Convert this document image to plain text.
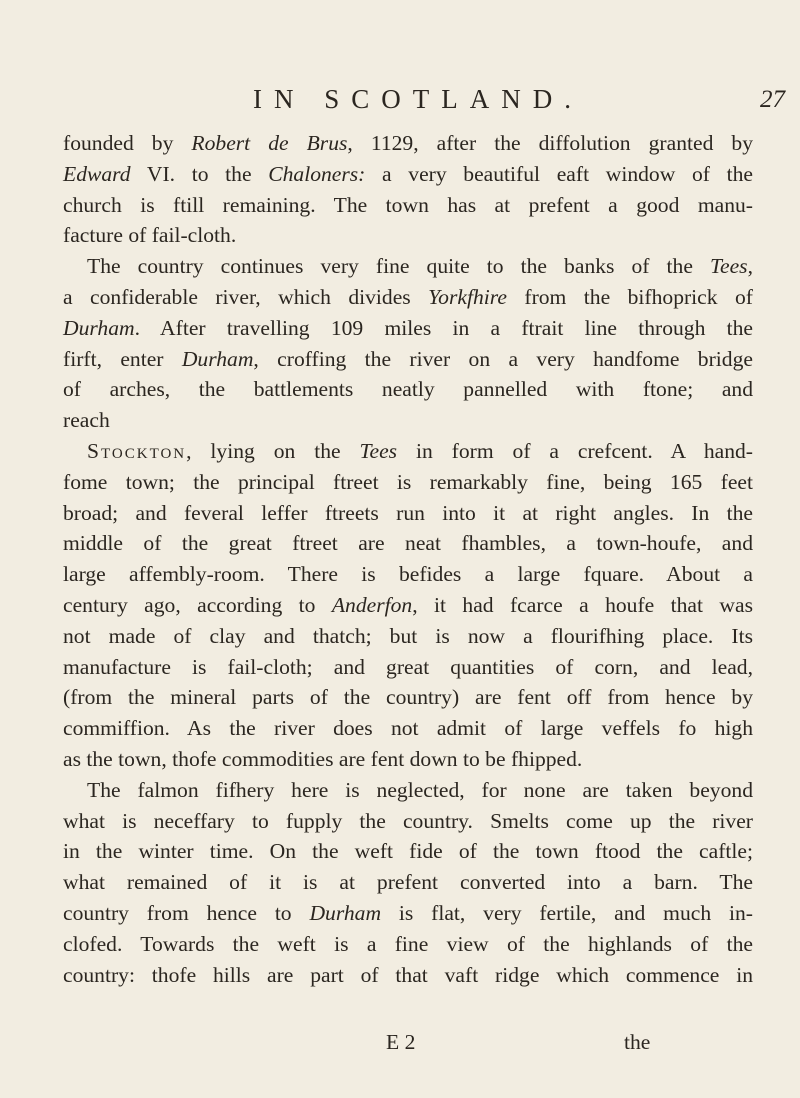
IN SCOTLAND.	27
founded by Robert de Brus, 1129, after the diffolution granted by
Edward VI. to the Chaloners: a very beautiful eaft window of the
church is ftill remaining. The town has at prefent a good manu-
facture of fail-cloth.
The country continues very fine quite to the banks of the Tees,
a confiderable river, which divides Yorkfhire from the bifhoprick of
Durham. After travelling 109 miles in a ftrait line through the
firft, enter Durham, croffing the river on a very handfome bridge
of arches, the battlements neatly pannelled with ftone; and
reach
Stockton, lying on the Tees in form of a crefcent. A hand-
fome town; the principal ftreet is remarkably fine, being 165 feet
broad; and feveral leffer ftreets run into it at right angles. In the
middle of the great ftreet are neat fhambles, a town-houfe, and
large affembly-room. There is befides a large fquare. About a
century ago, according to Anderfon, it had fcarce a houfe that was
not made of clay and thatch; but is now a flourifhing place. Its
manufacture is fail-cloth; and great quantities of corn, and lead,
(from the mineral parts of the country) are fent off from hence by
commiffion. As the river does not admit of large veffels fo high
as the town, thofe commodities are fent down to be fhipped.
The falmon fifhery here is neglected, for none are taken beyond
what is neceffary to fupply the country. Smelts come up the river
in the winter time. On the weft fide of the town ftood the caftle;
what remained of it is at prefent converted into a barn. The
country from hence to Durham is flat, very fertile, and much in-
clofed. Towards the weft is a fine view of the highlands of the
country: thofe hills are part of that vaft ridge which commence in
E 2	the
